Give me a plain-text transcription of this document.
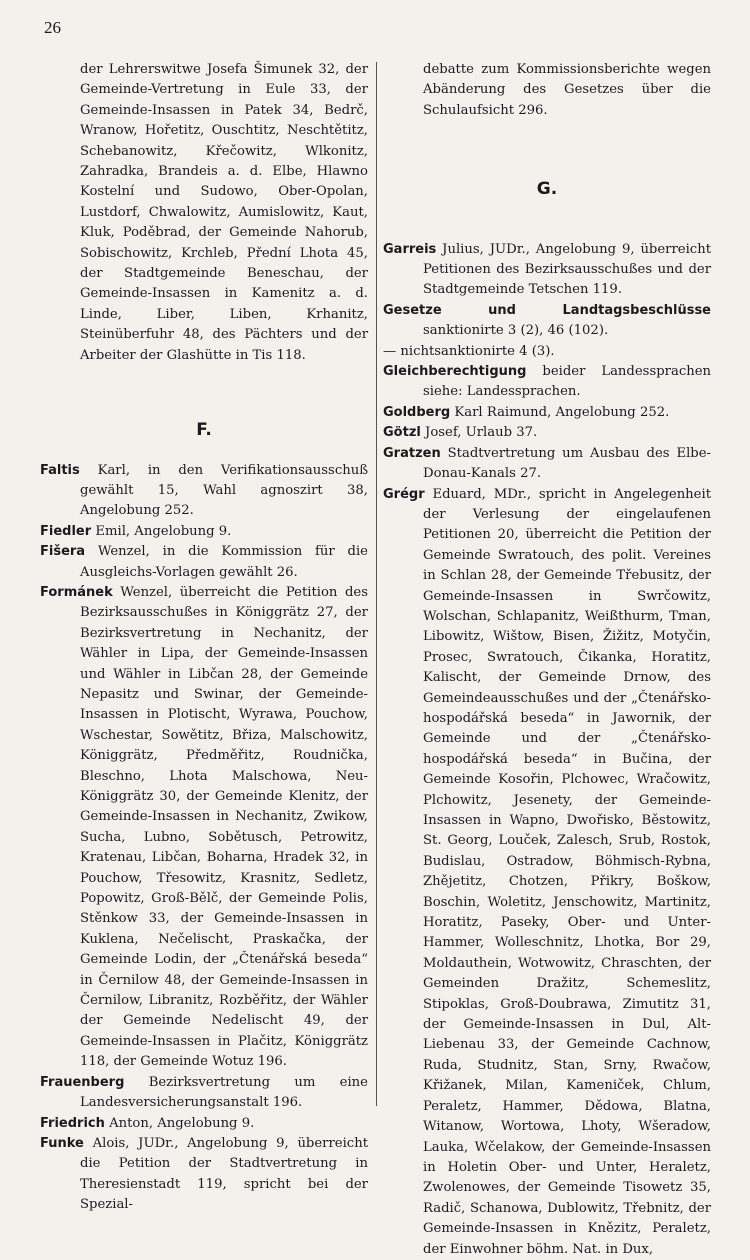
26

der Lehrerswitwe Josefa Šimunek 32, der Gemeinde-Vertretung in Eule 33, der Gemeinde-Insassen in Patek 34, Bedrč, Wranow, Hořetitz, Ouschtitz, Neschtětitz, Schebanowitz, Křečowitz, Wlkonitz, Zahradka, Brandeis a. d. Elbe, Hlawno Kostelní und Sudowo, Ober-Opolan, Lustdorf, Chwalowitz, Aumislowitz, Kaut, Kluk, Poděbrad, der Gemeinde Nahorub, Sobischowitz, Krchleb, Přední Lhota 45, der Stadtgemeinde Beneschau, der Gemeinde-Insassen in Kamenitz a. d. Linde, Liber, Liben, Krhanitz, Steinüberfuhr 48, des Pächters und der Arbeiter der Glashütte in Tis 118.

F.

Faltis Karl, in den Verifikationsausschuß gewählt 15, Wahl agnoszirt 38, Angelobung 252.

Fiedler Emil, Angelobung 9.

Fišera Wenzel, in die Kommission für die Ausgleichs-Vorlagen gewählt 26.

Formánek Wenzel, überreicht die Petition des Bezirksausschußes in Königgrätz 27, der Bezirksvertretung in Nechanitz, der Wähler in Lipa, der Gemeinde-Insassen und Wähler in Libčan 28, der Gemeinde Nepasitz und Swinar, der Gemeinde-Insassen in Plotischt, Wyrawa, Pouchow, Wschestar, Sowětitz, Břiza, Malschowitz, Königgrätz, Předměřitz, Roudnička, Bleschno, Lhota Malschowa, Neu-Königgrätz 30, der Gemeinde Klenitz, der Gemeinde-Insassen in Nechanitz, Zwikow, Sucha, Lubno, Sobětusch, Petrowitz, Kratenau, Libčan, Boharna, Hradek 32, in Pouchow, Třesowitz, Krasnitz, Sedletz, Popowitz, Groß-Bělč, der Gemeinde Polis, Stěnkow 33, der Gemeinde-Insassen in Kuklena, Nečelischt, Praskačka, der Gemeinde Lodin, der „Čtenářská beseda“ in Černilow 48, der Gemeinde-Insassen in Černilow, Libranitz, Rozběřitz, der Wähler der Gemeinde Nedelischt 49, der Gemeinde-Insassen in Plačitz, Königgrätz 118, der Gemeinde Wotuz 196.

Frauenberg Bezirksvertretung um eine Landesversicherungsanstalt 196.

Friedrich Anton, Angelobung 9.

Funke Alois, JUDr., Angelobung 9, überreicht die Petition der Stadtvertretung in Theresienstadt 119, spricht bei der Spezial-

debatte zum Kommissionsberichte wegen Abänderung des Gesetzes über die Schulaufsicht 296.

G.

Garreis Julius, JUDr., Angelobung 9, überreicht Petitionen des Bezirksausschußes und der Stadtgemeinde Tetschen 119.

Gesetze und Landtagsbeschlüsse sanktionirte 3 (2), 46 (102).

— nichtsanktionirte 4 (3).

Gleichberechtigung beider Landessprachen siehe: Landessprachen.

Goldberg Karl Raimund, Angelobung 252.

Götzl Josef, Urlaub 37.

Gratzen Stadtvertretung um Ausbau des Elbe-Donau-Kanals 27.

Grégr Eduard, MDr., spricht in Angelegenheit der Verlesung der eingelaufenen Petitionen 20, überreicht die Petition der Gemeinde Swratouch, des polit. Vereines in Schlan 28, der Gemeinde Třebusitz, der Gemeinde-Insassen in Swrčowitz, Wolschan, Schlapanitz, Weißthurm, Tman, Libowitz, Wištow, Bisen, Žižitz, Motyčin, Prosec, Swratouch, Čikanka, Horatitz, Kalischt, der Gemeinde Drnow, des Gemeindeausschußes und der „Čtenářsko-hospodářská beseda“ in Jawornik, der Gemeinde und der „Čtenářsko-hospodářská beseda“ in Bučina, der Gemeinde Kosořin, Plchowec, Wračowitz, Plchowitz, Jesenety, der Gemeinde-Insassen in Wapno, Dwořisko, Běstowitz, St. Georg, Louček, Zalesch, Srub, Rostok, Budislau, Ostradow, Böhmisch-Rybna, Zhějetitz, Chotzen, Přikry, Boškow, Boschin, Woletitz, Jenschowitz, Martinitz, Horatitz, Paseky, Ober- und Unter-Hammer, Wolleschnitz, Lhotka, Bor 29, Moldauthein, Wotwowitz, Chraschten, der Gemeinden Dražitz, Schemeslitz, Stipoklas, Groß-Doubrawa, Zimutitz 31, der Gemeinde-Insassen in Dul, Alt-Liebenau 33, der Gemeinde Cachnow, Ruda, Studnitz, Stan, Srny, Rwačow, Křižanek, Milan, Kameniček, Chlum, Peraletz, Hammer, Dědowa, Blatna, Witanow, Wortowa, Lhoty, Wšeradow, Lauka, Wčelakow, der Gemeinde-Insassen in Holetin Ober- und Unter, Heraletz, Zwolenowes, der Gemeinde Tisowetz 35, Radič, Schanowa, Dublowitz, Třebnitz, der Gemeinde-Insassen in Knězitz, Peraletz, der Einwohner böhm. Nat. in Dux,
